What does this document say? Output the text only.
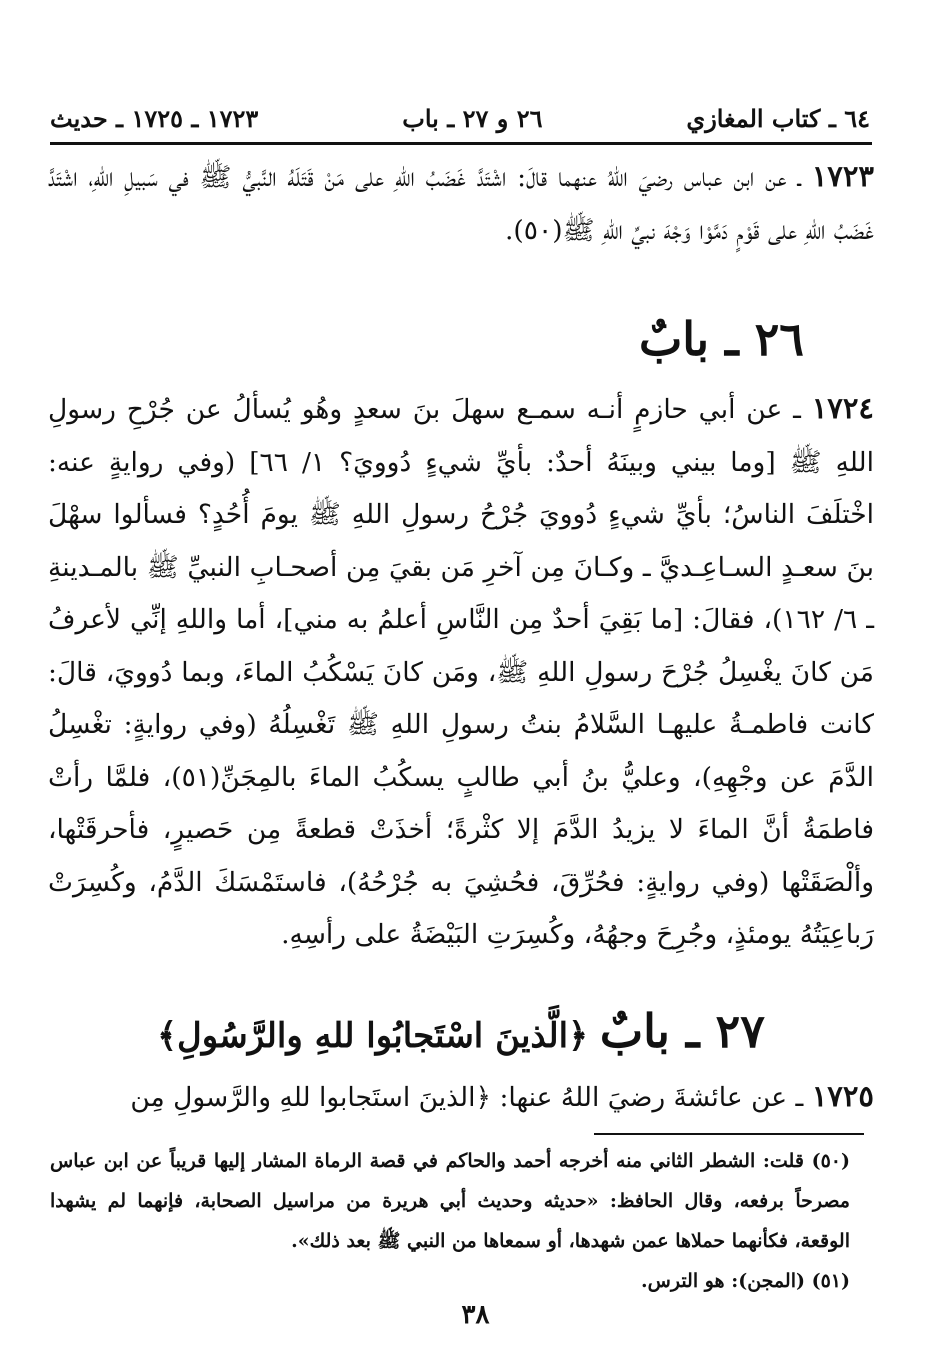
٦٤ ـ كتاب المغازي
٢٦ و ٢٧ ـ باب
١٧٢٣ ـ ١٧٢٥ ـ حديث

١٧٢٣ ـ عن ابن عباس رضيَ اللهُ عنهما قالَ: اشْتَدَّ غَضَبُ اللهِ على مَنْ قَتَلَهُ النَّبيُّ ﷺ في سَبيلِ اللهِ، اشْتَدَّ غَضَبُ اللهِ على قَوْمٍ دَمَّوْا وَجْهَ نبيِّ اللهِ ﷺ(٥٠).

٢٦ ـ بابٌ

١٧٢٤ ـ عن أبي حازمٍ أنـه سمـع سهلَ بنَ سعدٍ وهُو يُسألُ عن جُرْحِ رسولِ اللهِ ﷺ [وما بيني وبينَهُ أحدٌ: بأيِّ شيءٍ دُوويَ؟ ١/ ٦٦] (وفي روايةٍ عنه: اخْتلَفَ الناسُ؛ بأيِّ شيءٍ دُوويَ جُرْحُ رسولِ اللهِ ﷺ يومَ أُحُدٍ؟ فسألوا سهْلَ بنَ سعـدٍ السـاعِـديَّ ـ وكـانَ مِن آخرِ مَن بقيَ مِن أصحـابِ النبيِّ ﷺ بالمـدينةِ ـ ٦/ ١٦٢)، فقالَ: [ما بَقِيَ أحدٌ مِن النَّاسِ أعلمُ به مني]، أما واللهِ إنِّي لأعرفُ مَن كانَ يغْسِلُ جُرْحَ رسولِ اللهِ ﷺ، ومَن كانَ يَسْكُبُ الماءَ، وبما دُوويَ، قالَ: كانت فاطمـةُ عليهـا السَّلامُ بنتُ رسولِ اللهِ ﷺ تَغْسِلُهُ (وفي روايةٍ: تغْسِلُ الدَّمَ عن وجْهِهِ)، وعليُّ بنُ أبي طالبٍ يسكُبُ الماءَ بالمِجَنِّ(٥١)، فلمَّا رأتْ فاطمَةُ أنَّ الماءَ لا يزيدُ الدَّمَ إلا كثْرةً؛ أخذَتْ قطعةً مِن حَصيرٍ، فأحرقَتْها، وألْصَقَتْها (وفي روايةٍ: فحُرِّقَ، فحُشِيَ به جُرْحُهُ)، فاستَمْسَكَ الدَّمُ، وكُسِرَتْ رَباعِيَتُهُ يومئذٍ، وجُرِحَ وجهُهُ، وكُسِرَتِ البَيْضَةُ على رأسِهِ.

٢٧ ـ بابٌ ﴿الَّذينَ اسْتَجابُوا للهِ والرَّسُولِ﴾

١٧٢٥ ـ عن عائشةَ رضيَ اللهُ عنها: ﴿الذينَ استَجابوا للهِ والرَّسولِ مِن

(٥٠) قلت: الشطر الثاني منه أخرجه أحمد والحاكم في قصة الرماة المشار إليها قريباً عن ابن عباس مصرحاً برفعه، وقال الحافظ: «حديثه وحديث أبي هريرة من مراسيل الصحابة، فإنهما لم يشهدا الوقعة، فكأنهما حملاها عمن شهدها، أو سمعاها من النبي ﷺ بعد ذلك».

(٥١) (المجن): هو الترس.

٣٨
